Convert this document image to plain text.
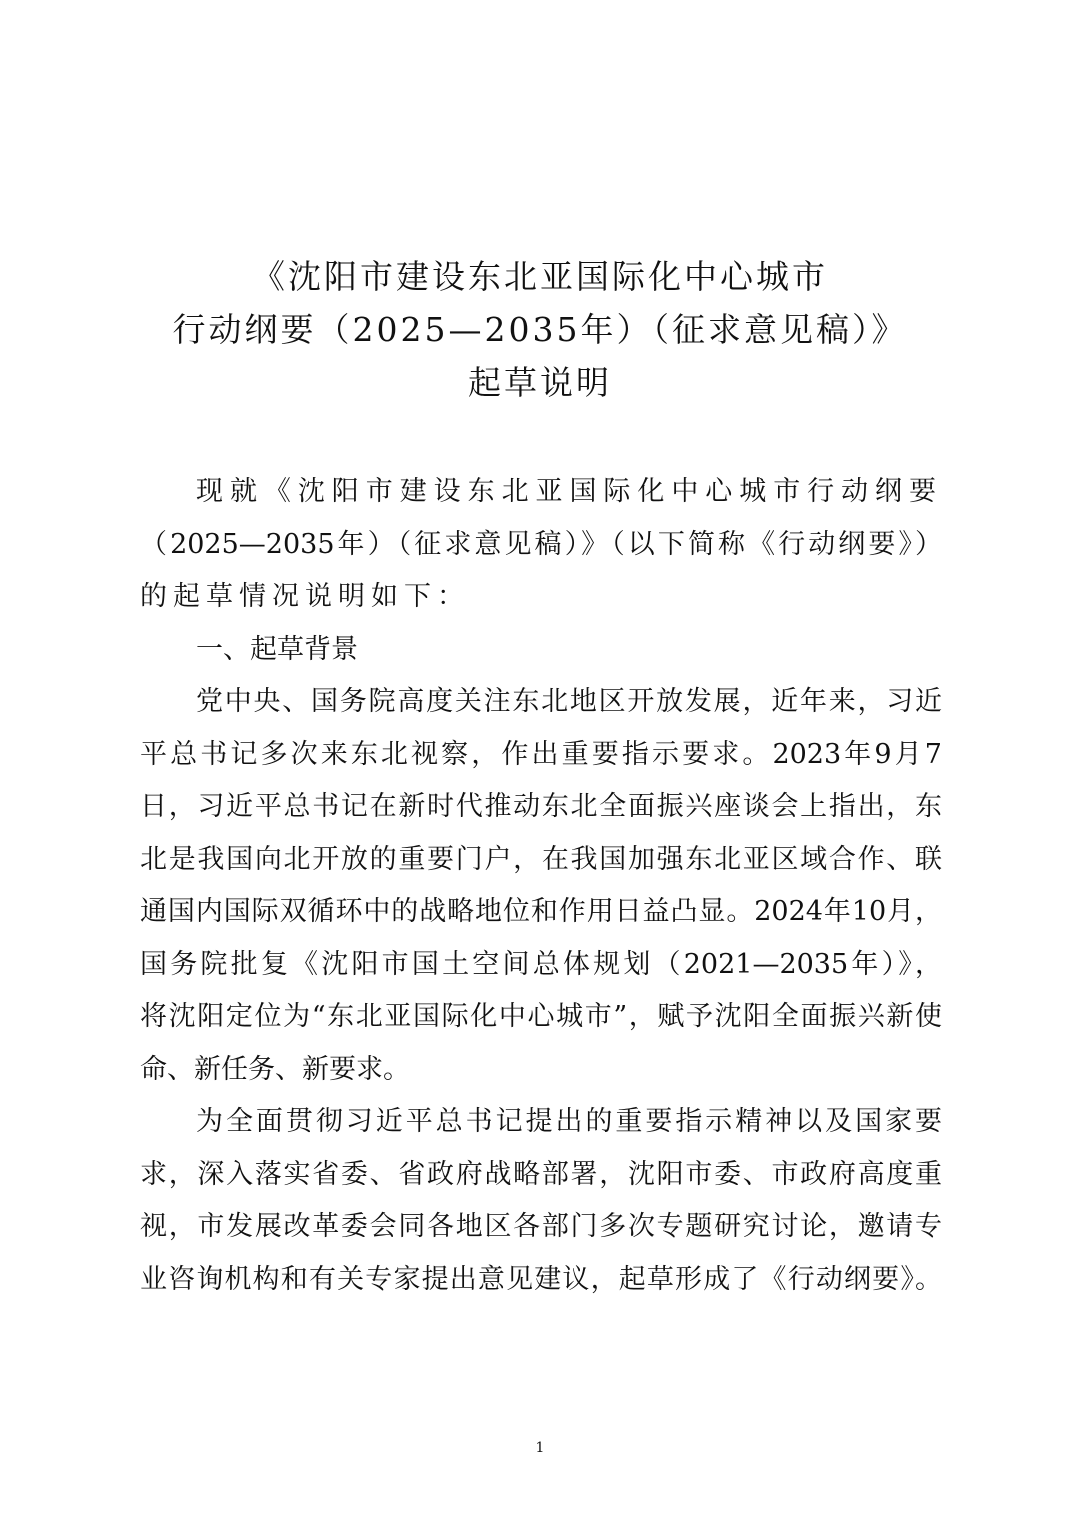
《沈阳市建设东北亚国际化中心城市
行动纲要（2025—2035年）（征求意见稿）》
起草说明
现就《沈阳市建设东北亚国际化中心城市行动纲要
（2025—2035年）（征求意见稿）》（以下简称《行动纲要》）
的起草情况说明如下：
一、起草背景
党中央、国务院高度关注东北地区开放发展，近年来，习近
平总书记多次来东北视察，作出重要指示要求。2023年9月7
日，习近平总书记在新时代推动东北全面振兴座谈会上指出，东
北是我国向北开放的重要门户，在我国加强东北亚区域合作、联
通国内国际双循环中的战略地位和作用日益凸显。2024年10月，
国务院批复《沈阳市国土空间总体规划（2021—2035年）》，
将沈阳定位为“东北亚国际化中心城市”，赋予沈阳全面振兴新使
命、新任务、新要求。
为全面贯彻习近平总书记提出的重要指示精神以及国家要
求，深入落实省委、省政府战略部署，沈阳市委、市政府高度重
视，市发展改革委会同各地区各部门多次专题研究讨论，邀请专
业咨询机构和有关专家提出意见建议，起草形成了《行动纲要》。
1
